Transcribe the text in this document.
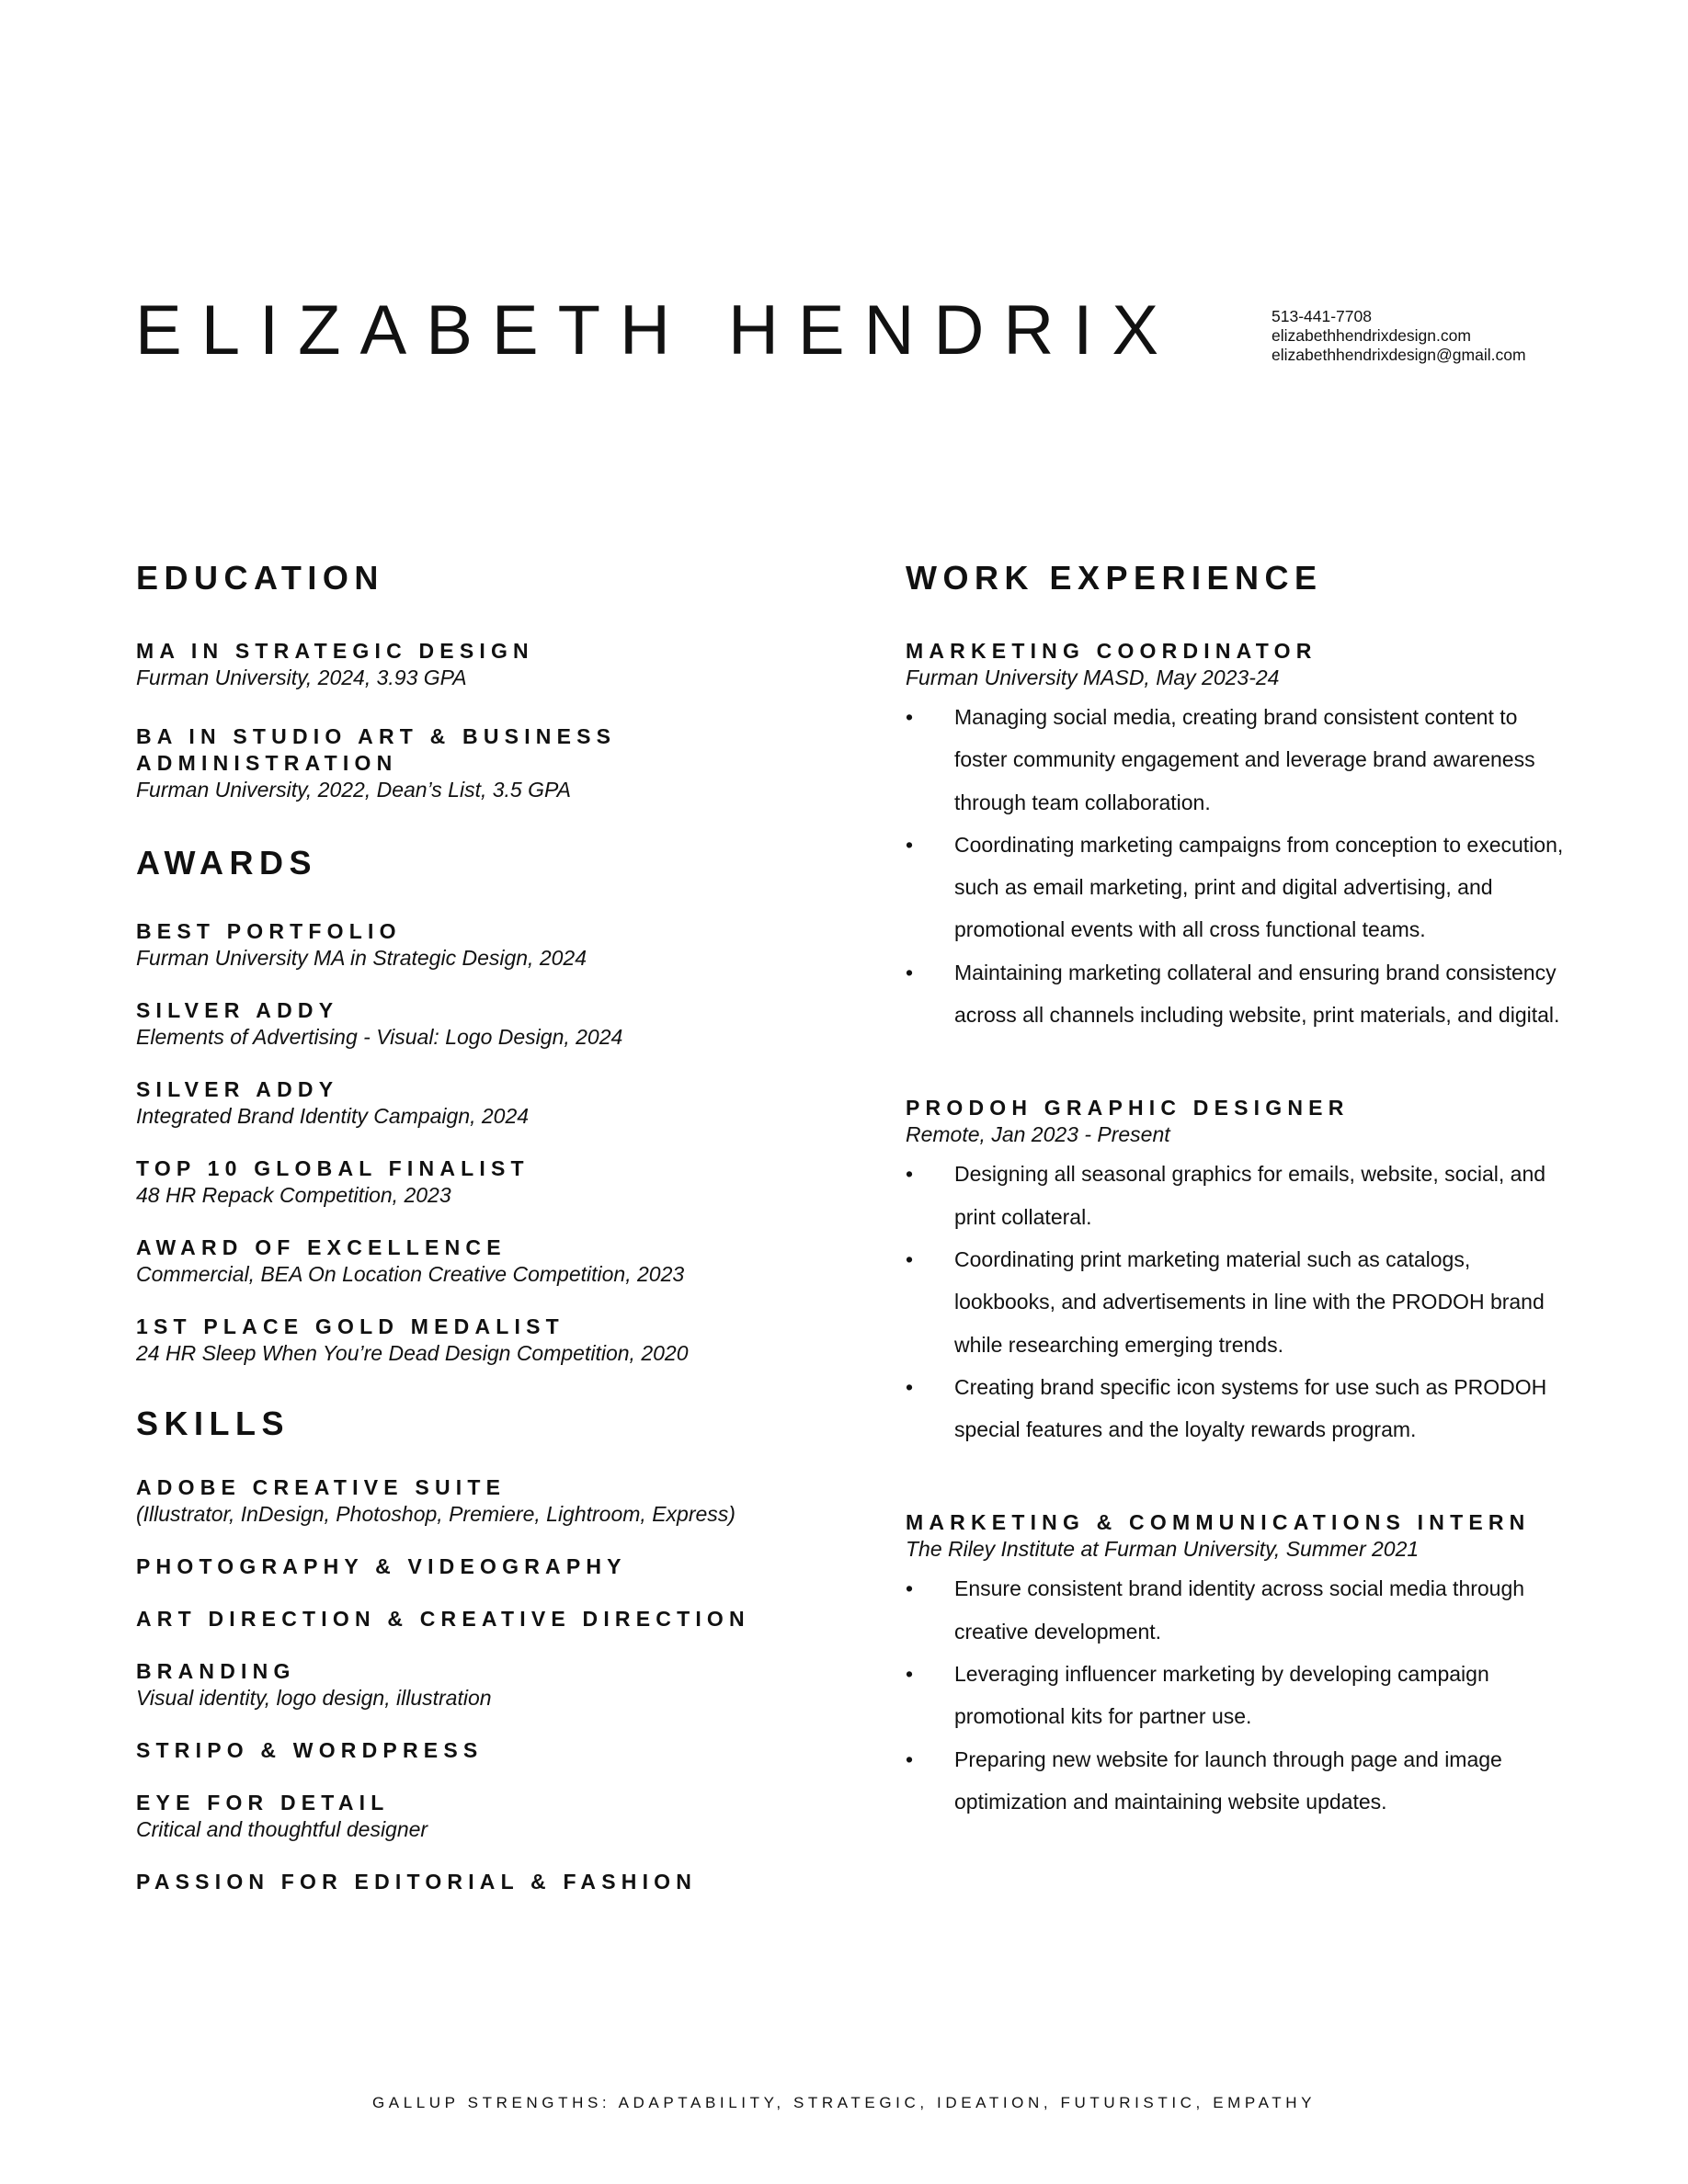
ELIZABETH HENDRIX	513-441-7708
elizabethhendrixdesign.com
elizabethhendrixdesign@gmail.com
EDUCATION
MA IN STRATEGIC DESIGN
Furman University, 2024, 3.93 GPA
BA IN STUDIO ART & BUSINESS ADMINISTRATION
Furman University, 2022, Dean’s List, 3.5 GPA
AWARDS
BEST PORTFOLIO
Furman University MA in Strategic Design, 2024
SILVER ADDY
Elements of Advertising - Visual: Logo Design, 2024
SILVER ADDY
Integrated Brand Identity Campaign, 2024
TOP 10 GLOBAL FINALIST
48 HR Repack Competition, 2023
AWARD OF EXCELLENCE
Commercial, BEA On Location Creative Competition, 2023
1ST PLACE GOLD MEDALIST
24 HR Sleep When You’re Dead Design Competition, 2020
SKILLS
ADOBE CREATIVE SUITE
(Illustrator, InDesign, Photoshop, Premiere, Lightroom, Express)
PHOTOGRAPHY & VIDEOGRAPHY
ART DIRECTION & CREATIVE DIRECTION
BRANDING
Visual identity, logo design, illustration
STRIPO & WORDPRESS
EYE FOR DETAIL
Critical and thoughtful designer
PASSION FOR EDITORIAL & FASHION
WORK EXPERIENCE
MARKETING COORDINATOR
Furman University MASD, May 2023-24
•	Managing social media, creating brand consistent content to foster community engagement and leverage brand awareness through team collaboration.
•	Coordinating marketing campaigns from conception to execution, such as email marketing, print and digital advertising, and promotional events with all cross functional teams.
•	Maintaining marketing collateral and ensuring brand consistency across all channels including website, print materials, and digital.
PRODOH GRAPHIC DESIGNER
Remote, Jan 2023 - Present
•	Designing all seasonal graphics for emails, website, social, and print collateral.
•	Coordinating print marketing material such as catalogs, lookbooks, and advertisements in line with the PRODOH brand while researching emerging trends.
•	Creating brand specific icon systems for use such as PRODOH special features and the loyalty rewards program.
MARKETING & COMMUNICATIONS INTERN
The Riley Institute at Furman University, Summer 2021
•	Ensure consistent brand identity across social media through creative development.
•	Leveraging influencer marketing by developing campaign promotional kits for partner use.
•	Preparing new website for launch through page and image optimization and maintaining website updates.
GALLUP STRENGTHS: ADAPTABILITY, STRATEGIC, IDEATION, FUTURISTIC, EMPATHY
